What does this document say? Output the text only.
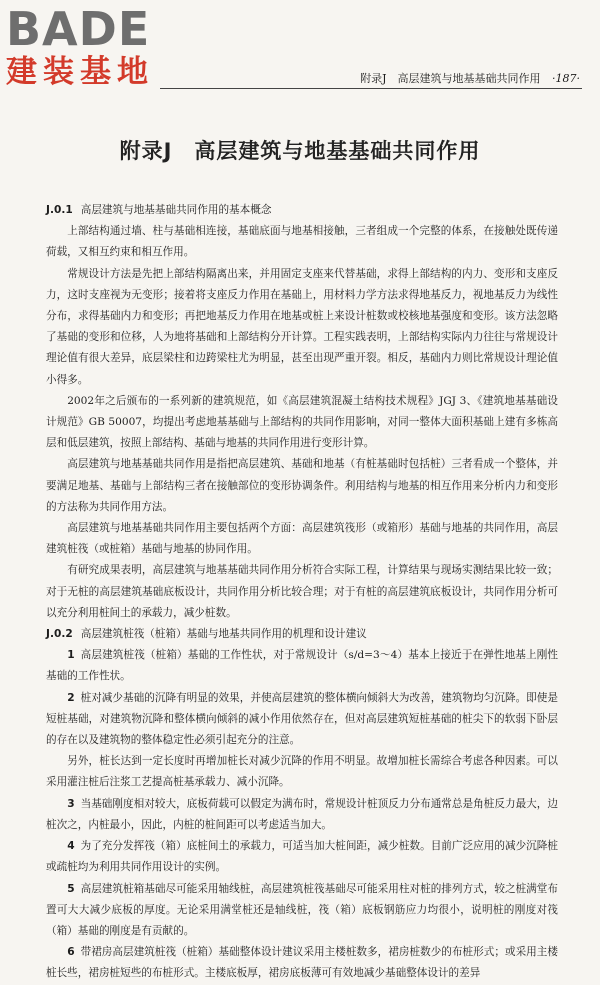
BADE
建装基地	附录J　高层建筑与地基基础共同作用 ·187·
附录J　高层建筑与地基基础共同作用

J.0.1 高层建筑与地基基础共同作用的基本概念

上部结构通过墙、柱与基础相连接，基础底面与地基相接触，三者组成一个完整的体系，在接触处既传递荷载，又相互约束和相互作用。

常规设计方法是先把上部结构隔离出来，并用固定支座来代替基础，求得上部结构的内力、变形和支座反力，这时支座视为无变形；接着将支座反力作用在基础上，用材料力学方法求得地基反力，视地基反力为线性分布，求得基础内力和变形；再把地基反力作用在地基或桩上来设计桩数或校核地基强度和变形。该方法忽略了基础的变形和位移，人为地将基础和上部结构分开计算。工程实践表明，上部结构实际内力往往与常规设计理论值有很大差异，底层梁柱和边跨梁柱尤为明显，甚至出现严重开裂。相反，基础内力则比常规设计理论值小得多。

2002年之后颁布的一系列新的建筑规范，如《高层建筑混凝土结构技术规程》JGJ 3、《建筑地基基础设计规范》GB 50007，均提出考虑地基基础与上部结构的共同作用影响，对同一整体大面积基础上建有多栋高层和低层建筑，按照上部结构、基础与地基的共同作用进行变形计算。

高层建筑与地基基础共同作用是指把高层建筑、基础和地基（有桩基础时包括桩）三者看成一个整体，并要满足地基、基础与上部结构三者在接触部位的变形协调条件。利用结构与地基的相互作用来分析内力和变形的方法称为共同作用方法。

高层建筑与地基基础共同作用主要包括两个方面：高层建筑筏形（或箱形）基础与地基的共同作用，高层建筑桩筏（或桩箱）基础与地基的协同作用。

有研究成果表明，高层建筑与地基基础共同作用分析符合实际工程，计算结果与现场实测结果比较一致；对于无桩的高层建筑基础底板设计，共同作用分析比较合理；对于有桩的高层建筑底板设计，共同作用分析可以充分利用桩间土的承载力，减少桩数。

J.0.2 高层建筑桩筏（桩箱）基础与地基共同作用的机理和设计建议

1 高层建筑桩筏（桩箱）基础的工作性状，对于常规设计（s/d=3～4）基本上接近于在弹性地基上刚性基础的工作性状。

2 桩对减少基础的沉降有明显的效果，并使高层建筑的整体横向倾斜大为改善，建筑物均匀沉降。即使是短桩基础，对建筑物沉降和整体横向倾斜的减小作用依然存在，但对高层建筑短桩基础的桩尖下的软弱下卧层的存在以及建筑物的整体稳定性必须引起充分的注意。

另外，桩长达到一定长度时再增加桩长对减少沉降的作用不明显。故增加桩长需综合考虑各种因素。可以采用灌注桩后注浆工艺提高桩基承载力、减小沉降。

3 当基础刚度相对较大，底板荷载可以假定为满布时，常规设计桩顶反力分布通常总是角桩反力最大，边桩次之，内桩最小，因此，内桩的桩间距可以考虑适当加大。

4 为了充分发挥筏（箱）底桩间土的承载力，可适当加大桩间距，减少桩数。目前广泛应用的减少沉降桩或疏桩均为利用共同作用设计的实例。

5 高层建筑桩箱基础尽可能采用轴线桩，高层建筑桩筏基础尽可能采用柱对桩的排列方式，较之桩满堂布置可大大减少底板的厚度。无论采用满堂桩还是轴线桩，筏（箱）底板钢筋应力均很小，说明桩的刚度对筏（箱）基础的刚度是有贡献的。

6 带裙房高层建筑桩筏（桩箱）基础整体设计建议采用主楼桩数多，裙房桩数少的布桩形式；或采用主楼桩长些，裙房桩短些的布桩形式。主楼底板厚，裙房底板薄可有效地减少基础整体设计的差异
